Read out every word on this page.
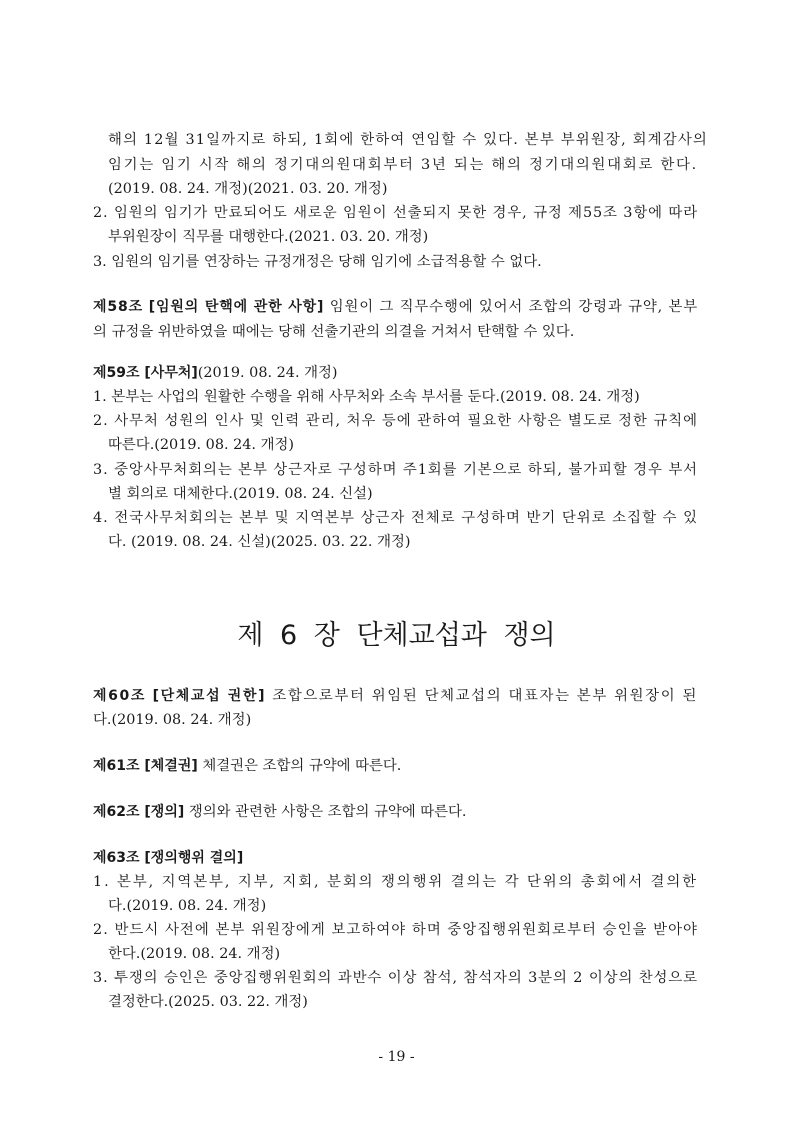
해의 12월 31일까지로 하되, 1회에 한하여 연임할 수 있다. 본부 부위원장, 회계감사의
임기는 임기 시작 해의 정기대의원대회부터 3년 되는 해의 정기대의원대회로 한다.
(2019. 08. 24. 개정)(2021. 03. 20. 개정)
2. 임원의 임기가 만료되어도 새로운 임원이 선출되지 못한 경우, 규정 제55조 3항에 따라
부위원장이 직무를 대행한다.(2021. 03. 20. 개정)
3. 임원의 임기를 연장하는 규정개정은 당해 임기에 소급적용할 수 없다.
제58조 [임원의 탄핵에 관한 사항] 임원이 그 직무수행에 있어서 조합의 강령과 규약, 본부
의 규정을 위반하였을 때에는 당해 선출기관의 의결을 거쳐서 탄핵할 수 있다.
제59조 [사무처](2019. 08. 24. 개정)
1. 본부는 사업의 원활한 수행을 위해 사무처와 소속 부서를 둔다.(2019. 08. 24. 개정)
2. 사무처 성원의 인사 및 인력 관리, 처우 등에 관하여 필요한 사항은 별도로 정한 규칙에
따른다.(2019. 08. 24. 개정)
3. 중앙사무처회의는 본부 상근자로 구성하며 주1회를 기본으로 하되, 불가피할 경우 부서
별 회의로 대체한다.(2019. 08. 24. 신설)
4. 전국사무처회의는 본부 및 지역본부 상근자 전체로 구성하며 반기 단위로 소집할 수 있
다. (2019. 08. 24. 신설)(2025. 03. 22. 개정)
제 6 장 단체교섭과 쟁의
제60조 [단체교섭 권한] 조합으로부터 위임된 단체교섭의 대표자는 본부 위원장이 된
다.(2019. 08. 24. 개정)
제61조 [체결권] 체결권은 조합의 규약에 따른다.
제62조 [쟁의] 쟁의와 관련한 사항은 조합의 규약에 따른다.
제63조 [쟁의행위 결의]
1. 본부, 지역본부, 지부, 지회, 분회의 쟁의행위 결의는 각 단위의 총회에서 결의한
다.(2019. 08. 24. 개정)
2. 반드시 사전에 본부 위원장에게 보고하여야 하며 중앙집행위원회로부터 승인을 받아야
한다.(2019. 08. 24. 개정)
3. 투쟁의 승인은 중앙집행위원회의 과반수 이상 참석, 참석자의 3분의 2 이상의 찬성으로
결정한다.(2025. 03. 22. 개정)
- 19 -
